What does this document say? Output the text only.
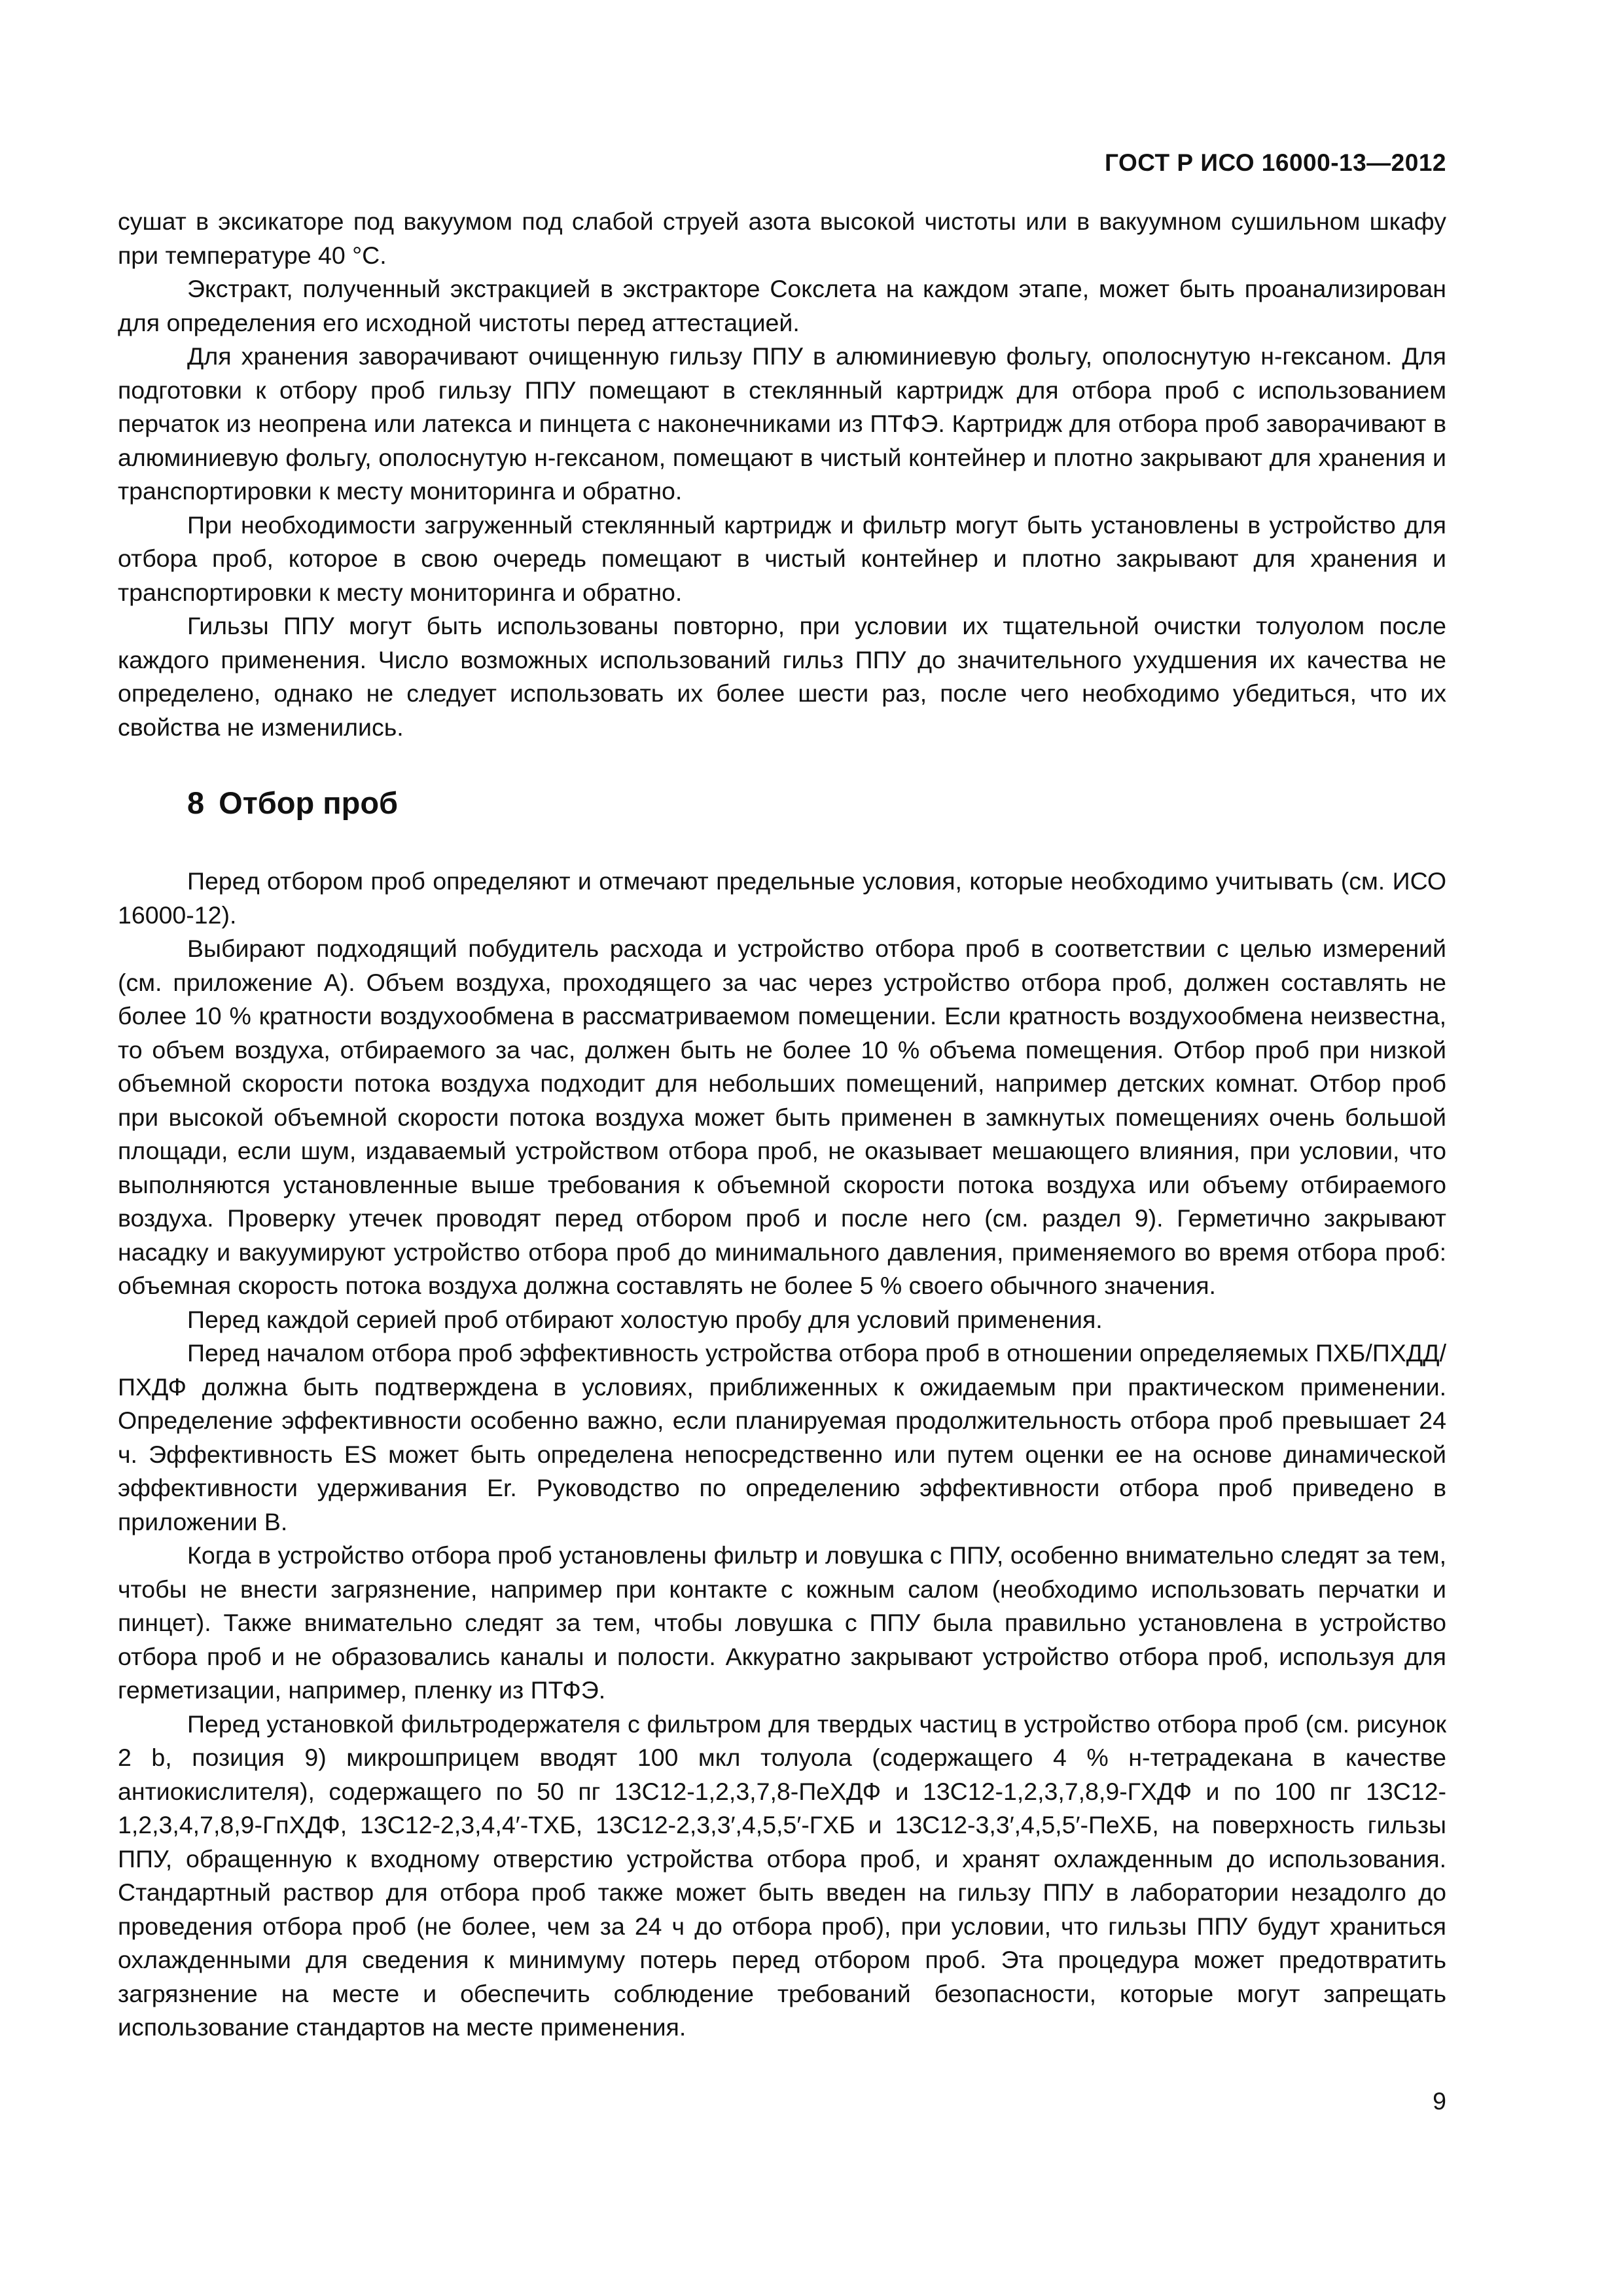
ГОСТ Р ИСО 16000-13—2012

сушат в эксикаторе под вакуумом под слабой струей азота высокой чистоты или в вакуумном сушильном шкафу при температуре 40 °С.

Экстракт, полученный экстракцией в экстракторе Сокслета на каждом этапе, может быть проанализирован для определения его исходной чистоты перед аттестацией.

Для хранения заворачивают очищенную гильзу ППУ в алюминиевую фольгу, ополоснутую н-гексаном. Для подготовки к отбору проб гильзу ППУ помещают в стеклянный картридж для отбора проб с использованием перчаток из неопрена или латекса и пинцета с наконечниками из ПТФЭ. Картридж для отбора проб заворачивают в алюминиевую фольгу, ополоснутую н-гексаном, помещают в чистый контейнер и плотно закрывают для хранения и транспортировки к месту мониторинга и обратно.

При необходимости загруженный стеклянный картридж и фильтр могут быть установлены в устройство для отбора проб, которое в свою очередь помещают в чистый контейнер и плотно закрывают для хранения и транспортировки к месту мониторинга и обратно.

Гильзы ППУ могут быть использованы повторно, при условии их тщательной очистки толуолом после каждого применения. Число возможных использований гильз ППУ до значительного ухудшения их качества не определено, однако не следует использовать их более шести раз, после чего необходимо убедиться, что их свойства не изменились.

8 Отбор проб

Перед отбором проб определяют и отмечают предельные условия, которые необходимо учитывать (см. ИСО 16000-12).

Выбирают подходящий побудитель расхода и устройство отбора проб в соответствии с целью измерений (см. приложение А). Объем воздуха, проходящего за час через устройство отбора проб, должен составлять не более 10 % кратности воздухообмена в рассматриваемом помещении. Если кратность воздухообмена неизвестна, то объем воздуха, отбираемого за час, должен быть не более 10 % объема помещения. Отбор проб при низкой объемной скорости потока воздуха подходит для небольших помещений, например детских комнат. Отбор проб при высокой объемной скорости потока воздуха может быть применен в замкнутых помещениях очень большой площади, если шум, издаваемый устройством отбора проб, не оказывает мешающего влияния, при условии, что выполняются установленные выше требования к объемной скорости потока воздуха или объему отбираемого воздуха. Проверку утечек проводят перед отбором проб и после него (см. раздел 9). Герметично закрывают насадку и вакуумируют устройство отбора проб до минимального давления, применяемого во время отбора проб: объемная скорость потока воздуха должна составлять не более 5 % своего обычного значения.

Перед каждой серией проб отбирают холостую пробу для условий применения.

Перед началом отбора проб эффективность устройства отбора проб в отношении определяемых ПХБ/ПХДД/ПХДФ должна быть подтверждена в условиях, приближенных к ожидаемым при практическом применении. Определение эффективности особенно важно, если планируемая продолжительность отбора проб превышает 24 ч. Эффективность ES может быть определена непосредственно или путем оценки ее на основе динамической эффективности удерживания Er. Руководство по определению эффективности отбора проб приведено в приложении В.

Когда в устройство отбора проб установлены фильтр и ловушка с ППУ, особенно внимательно следят за тем, чтобы не внести загрязнение, например при контакте с кожным салом (необходимо использовать перчатки и пинцет). Также внимательно следят за тем, чтобы ловушка с ППУ была правильно установлена в устройство отбора проб и не образовались каналы и полости. Аккуратно закрывают устройство отбора проб, используя для герметизации, например, пленку из ПТФЭ.

Перед установкой фильтродержателя с фильтром для твердых частиц в устройство отбора проб (см. рисунок 2 b, позиция 9) микрошприцем вводят 100 мкл толуола (содержащего 4 % н-тетрадекана в качестве антиокислителя), содержащего по 50 пг 13C12-1,2,3,7,8-ПеХДФ и 13C12-1,2,3,7,8,9-ГХДФ и по 100 пг 13C12-1,2,3,4,7,8,9-ГпХДФ, 13C12-2,3,4,4′-ТХБ, 13C12-2,3,3′,4,5,5′-ГХБ и 13C12-3,3′,4,5,5′-ПеХБ, на поверхность гильзы ППУ, обращенную к входному отверстию устройства отбора проб, и хранят охлажденным до использования. Стандартный раствор для отбора проб также может быть введен на гильзу ППУ в лаборатории незадолго до проведения отбора проб (не более, чем за 24 ч до отбора проб), при условии, что гильзы ППУ будут храниться охлажденными для сведения к минимуму потерь перед отбором проб. Эта процедура может предотвратить загрязнение на месте и обеспечить соблюдение требований безопасности, которые могут запрещать использование стандартов на месте применения.

9
